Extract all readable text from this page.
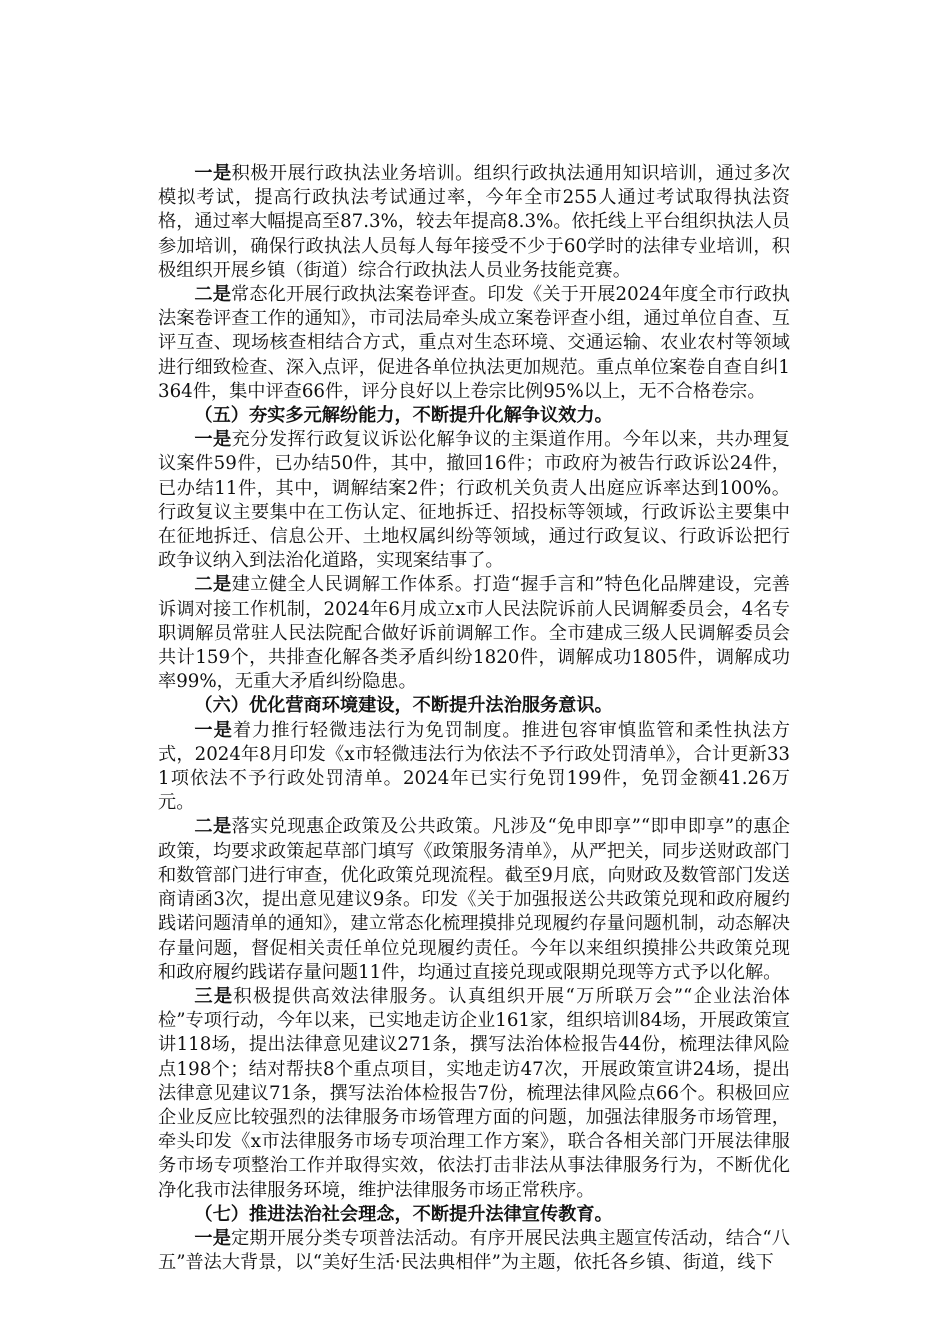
一是积极开展行政执法业务培训。组织行政执法通用知识培训，通过多次模拟考试，提高行政执法考试通过率，今年全市255人通过考试取得执法资格，通过率大幅提高至87.3%，较去年提高8.3%。依托线上平台组织执法人员参加培训，确保行政执法人员每人每年接受不少于60学时的法律专业培训，积极组织开展乡镇（街道）综合行政执法人员业务技能竞赛。

二是常态化开展行政执法案卷评查。印发《关于开展2024年度全市行政执法案卷评查工作的通知》，市司法局牵头成立案卷评查小组，通过单位自查、互评互查、现场核查相结合方式，重点对生态环境、交通运输、农业农村等领域进行细致检查、深入点评，促进各单位执法更加规范。重点单位案卷自查自纠1364件，集中评查66件，评分良好以上卷宗比例95%以上，无不合格卷宗。

（五）夯实多元解纷能力，不断提升化解争议效力。

一是充分发挥行政复议诉讼化解争议的主渠道作用。今年以来，共办理复议案件59件，已办结50件，其中，撤回16件；市政府为被告行政诉讼24件，已办结11件，其中，调解结案2件；行政机关负责人出庭应诉率达到100%。行政复议主要集中在工伤认定、征地拆迁、招投标等领域，行政诉讼主要集中在征地拆迁、信息公开、土地权属纠纷等领域，通过行政复议、行政诉讼把行政争议纳入到法治化道路，实现案结事了。

二是建立健全人民调解工作体系。打造“握手言和”特色化品牌建设，完善诉调对接工作机制，2024年6月成立x市人民法院诉前人民调解委员会，4名专职调解员常驻人民法院配合做好诉前调解工作。全市建成三级人民调解委员会共计159个，共排查化解各类矛盾纠纷1820件，调解成功1805件，调解成功率99%，无重大矛盾纠纷隐患。

（六）优化营商环境建设，不断提升法治服务意识。

一是着力推行轻微违法行为免罚制度。推进包容审慎监管和柔性执法方式，2024年8月印发《x市轻微违法行为依法不予行政处罚清单》，合计更新331项依法不予行政处罚清单。2024年已实行免罚199件，免罚金额41.26万元。

二是落实兑现惠企政策及公共政策。凡涉及“免申即享”“即申即享”的惠企政策，均要求政策起草部门填写《政策服务清单》，从严把关，同步送财政部门和数管部门进行审查，优化政策兑现流程。截至9月底，向财政及数管部门发送商请函3次，提出意见建议9条。印发《关于加强报送公共政策兑现和政府履约践诺问题清单的通知》，建立常态化梳理摸排兑现履约存量问题机制，动态解决存量问题，督促相关责任单位兑现履约责任。今年以来组织摸排公共政策兑现和政府履约践诺存量问题11件，均通过直接兑现或限期兑现等方式予以化解。

三是积极提供高效法律服务。认真组织开展“万所联万会”“企业法治体检”专项行动，今年以来，已实地走访企业161家，组织培训84场，开展政策宣讲118场，提出法律意见建议271条，撰写法治体检报告44份，梳理法律风险点198个；结对帮扶8个重点项目，实地走访47次，开展政策宣讲24场，提出法律意见建议71条，撰写法治体检报告7份，梳理法律风险点66个。积极回应企业反应比较强烈的法律服务市场管理方面的问题，加强法律服务市场管理，牵头印发《x市法律服务市场专项治理工作方案》，联合各相关部门开展法律服务市场专项整治工作并取得实效，依法打击非法从事法律服务行为，不断优化净化我市法律服务环境，维护法律服务市场正常秩序。

（七）推进法治社会理念，不断提升法律宣传教育。

一是定期开展分类专项普法活动。有序开展民法典主题宣传活动，结合“八五”普法大背景，以“美好生活·民法典相伴”为主题，依托各乡镇、街道，线下
